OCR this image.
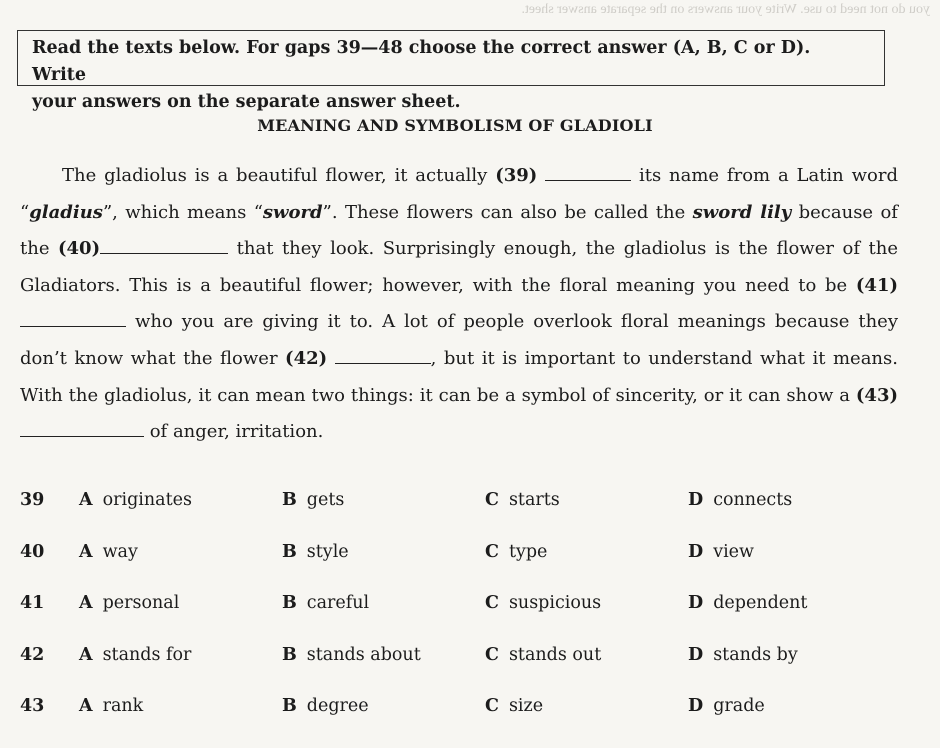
you do not need to use. Write your answers on the separate answer sheet.

Read the texts below. For gaps 39—48 choose the correct answer (A, B, C or D). Write

your answers on the separate answer sheet.

MEANING AND SYMBOLISM OF GLADIOLI

The gladiolus is a beautiful flower, it actually (39)	its name from a Latin word “gladius”, which means “sword”. These flowers can also be called the sword lily because of the (40)	that they look. Surprisingly enough, the gladiolus is the flower of the Gladiators. This is a beautiful flower; however, with the floral meaning you need to be (41)  who you are giving it to. A lot of people overlook floral meanings because they don’t know what the flower (42)	, but it is important to understand what it means. With the gladiolus, it can mean two things: it can be a symbol of sincerity, or it can show a (43)  of anger, irritation.

39 A originates	B gets	C starts	D connects
40 A way	B style	C type	D view
41 A personal	B careful	C suspicious	D dependent
42 A stands for	B stands about	C stands out	D stands by
43 A rank	B degree	C size	D grade
